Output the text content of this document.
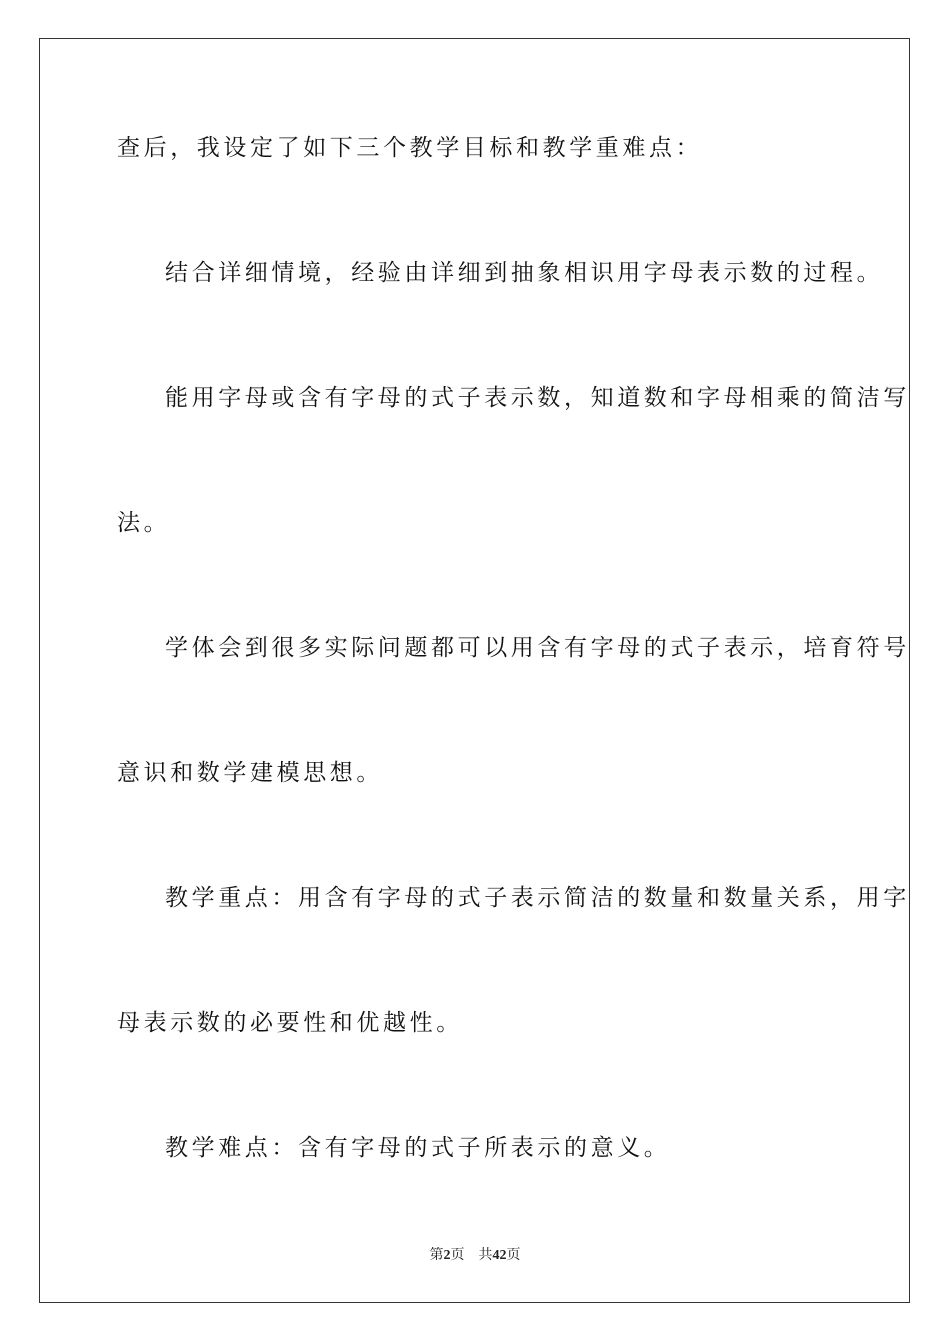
查后，我设定了如下三个教学目标和教学重难点：
结合详细情境，经验由详细到抽象相识用字母表示数的过程。
能用字母或含有字母的式子表示数，知道数和字母相乘的简洁写
法。
学体会到很多实际问题都可以用含有字母的式子表示，培育符号
意识和数学建模思想。
教学重点：用含有字母的式子表示简洁的数量和数量关系，用字
母表示数的必要性和优越性。
教学难点：含有字母的式子所表示的意义。
第2页 共42页
